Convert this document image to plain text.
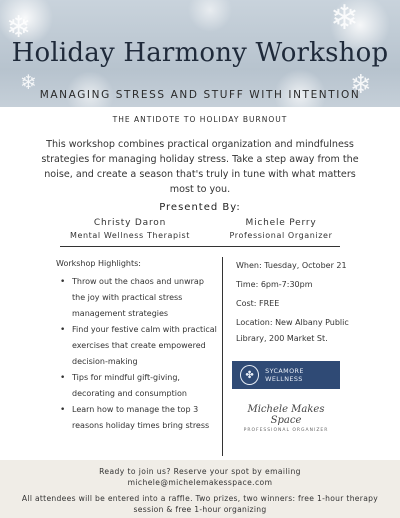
❄	❄
❄
❄
Holiday Harmony Workshop
MANAGING STRESS AND STUFF WITH INTENTION
THE ANTIDOTE TO HOLIDAY BURNOUT
This workshop combines practical organization and mindfulness strategies for managing holiday stress. Take a step away from the noise, and create a season that's truly in tune with what matters most to you.
Presented By:
Christy Daron
Mental Wellness Therapist
Michele Perry
Professional Organizer
Workshop Highlights:
• Throw out the chaos and unwrap the joy with practical stress management strategies
• Find your festive calm with practical exercises that create empowered decision-making
• Tips for mindful gift-giving, decorating and consumption
• Learn how to manage the top 3 reasons holiday times bring stress
When: Tuesday, October 21
Time: 6pm-7:30pm
Cost: FREE
Location: New Albany Public Library, 200 Market St.
✤	SYCAMORE WELLNESS
Michele Makes Space
PROFESSIONAL ORGANIZER
Ready to join us? Reserve your spot by emailing
michele@michelemakesspace.com
All attendees will be entered into a raffle. Two prizes, two winners: free 1-hour therapy session & free 1-hour organizing
